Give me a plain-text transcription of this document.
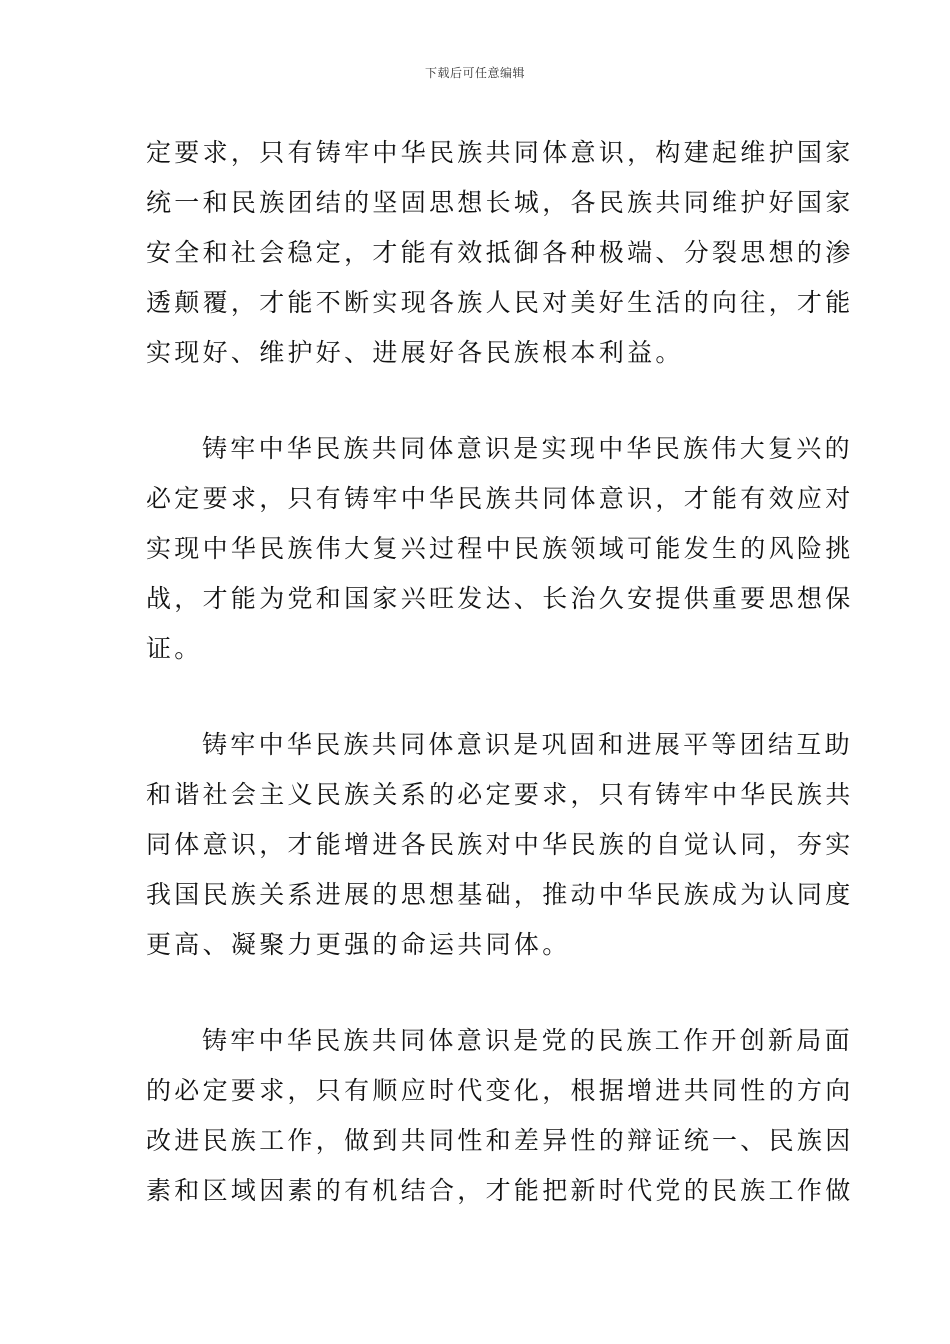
下载后可任意编辑

定要求，只有铸牢中华民族共同体意识，构建起维护国家
统一和民族团结的坚固思想长城，各民族共同维护好国家
安全和社会稳定，才能有效抵御各种极端、分裂思想的渗
透颠覆，才能不断实现各族人民对美好生活的向往，才能
实现好、维护好、进展好各民族根本利益。

铸牢中华民族共同体意识是实现中华民族伟大复兴的
必定要求，只有铸牢中华民族共同体意识，才能有效应对
实现中华民族伟大复兴过程中民族领域可能发生的风险挑
战，才能为党和国家兴旺发达、长治久安提供重要思想保
证。

铸牢中华民族共同体意识是巩固和进展平等团结互助
和谐社会主义民族关系的必定要求，只有铸牢中华民族共
同体意识，才能增进各民族对中华民族的自觉认同，夯实
我国民族关系进展的思想基础，推动中华民族成为认同度
更高、凝聚力更强的命运共同体。

铸牢中华民族共同体意识是党的民族工作开创新局面
的必定要求，只有顺应时代变化，根据增进共同性的方向
改进民族工作，做到共同性和差异性的辩证统一、民族因
素和区域因素的有机结合，才能把新时代党的民族工作做
